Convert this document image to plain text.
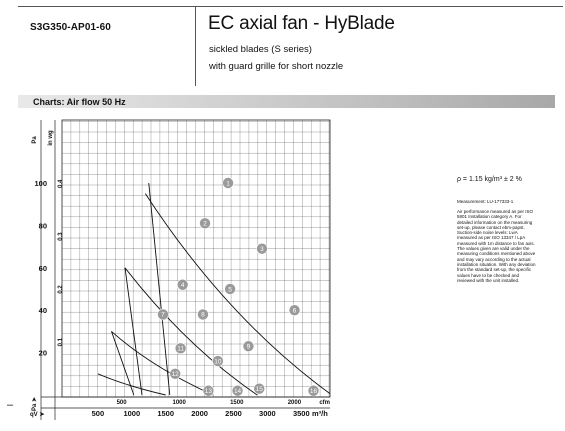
S3G350-AP01-60	EC axial fan - HyBlade
sickled blades (S series)
with guard grille for short nozzle
Charts: Air flow 50 Hz
–
Pa in wg
Pa ➤
qV ➤	m³/h
20
40
60
80
100
0.1
0.2
0.3
0.4
500	1000 1500 2000 2500 3000 3500
500	1000	1500	2000	cfm
1
2
3
4
5
6
7	8
9
10
11
12
13	14 15	16
ρ = 1.15 kg/m³ ± 2 %
Measurement: LU-177333-1
Air performance measured as per ISO 5801 Installation category A. For detailed information on the measuring set-up, please contact ebm-papst. Suction-side noise levels: LwA measured as per ISO 13347 / LpA measured with 1m distance to fan axis. The values given are valid under the measuring conditions mentioned above and may vary according to the actual installation situation. With any deviation from the standard set-up, the specific values have to be checked and reviewed with the unit installed.
